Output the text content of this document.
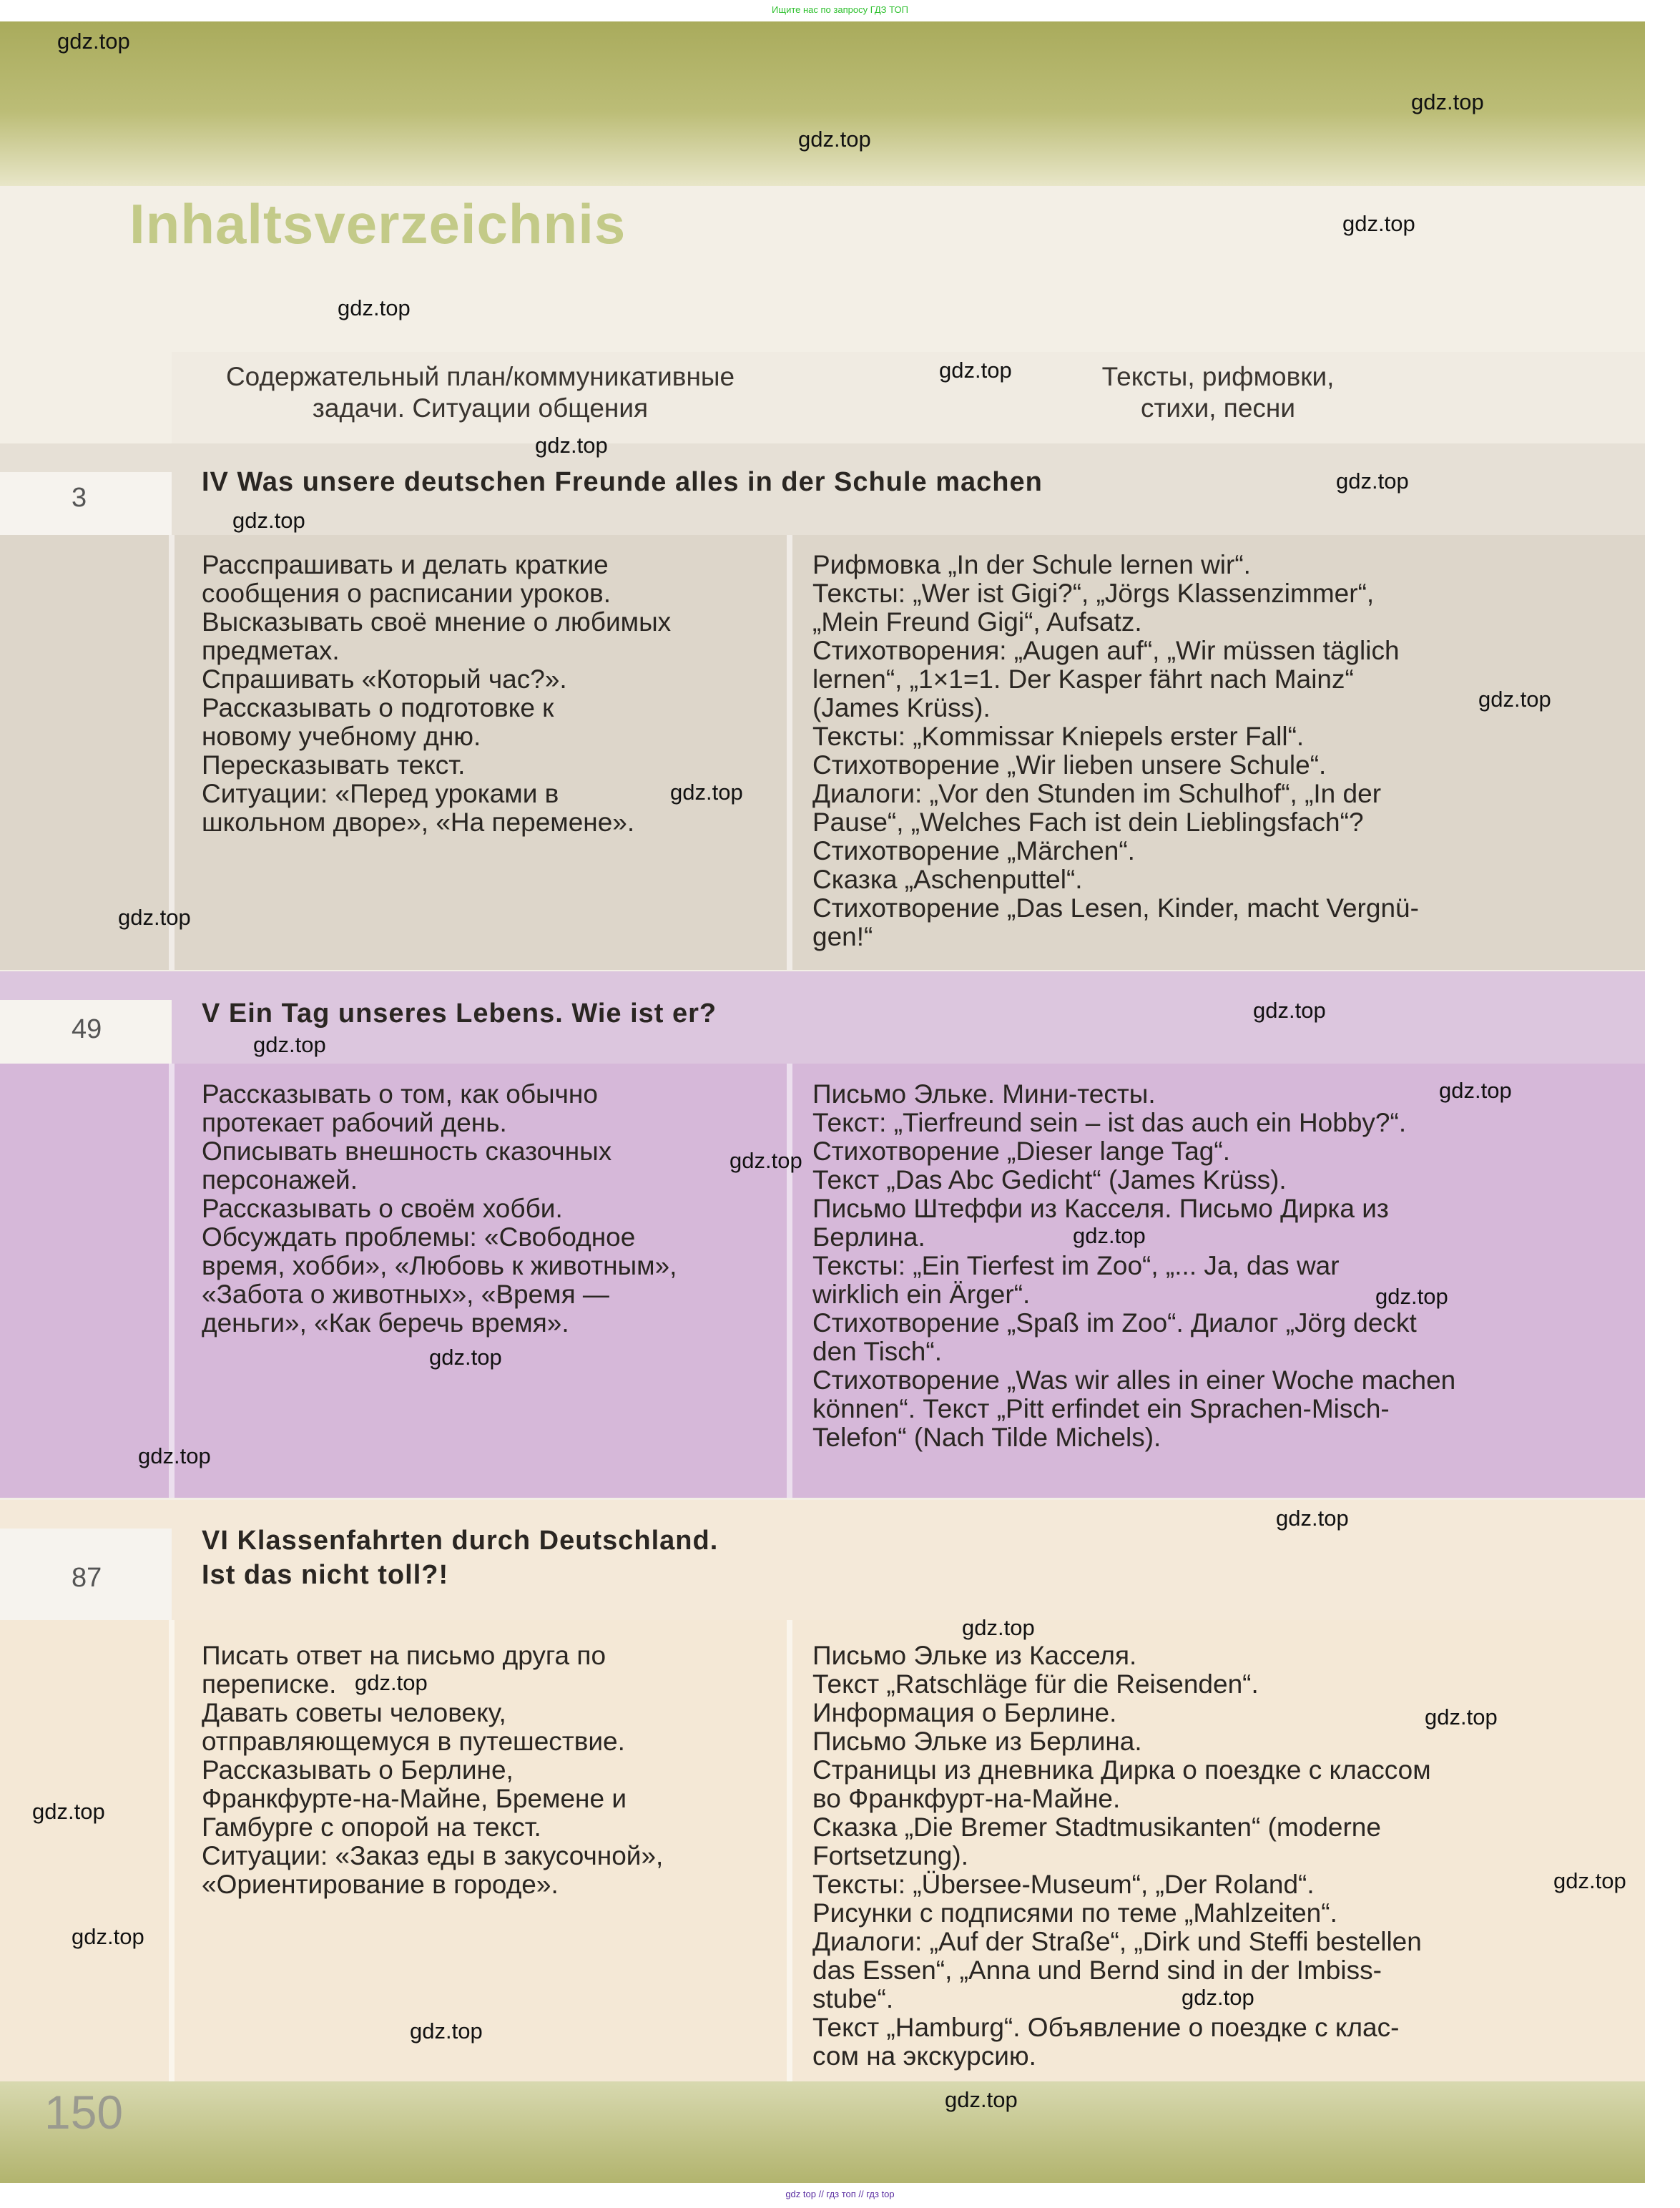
Ищите нас по запросу ГДЗ ТОП
Inhaltsverzeichnis
Содержательный план/коммуникативные
задачи. Ситуации общения
Тексты, рифмовки,
стихи, песни
3
IV Was unsere deutschen Freunde alles in der Schule machen
Расспрашивать и делать краткие
сообщения о расписании уроков.
Высказывать своё мнение о любимых
предметах.
Спрашивать «Который час?».
Рассказывать о подготовке к
новому учебному дню.
Пересказывать текст.
Ситуации: «Перед уроками в
школьном дворе», «На перемене».
Рифмовка „In der Schule lernen wir“.
Тексты: „Wer ist Gigi?“, „Jörgs Klassenzimmer“,
„Mein Freund Gigi“, Aufsatz.
Стихотворения: „Augen auf“, „Wir müssen täglich
lernen“, „1×1=1. Der Kasper fährt nach Mainz“
(James Krüss).
Тексты: „Kommissar Kniepels erster Fall“.
Стихотворение „Wir lieben unsere Schule“.
Диалоги: „Vor den Stunden im Schulhof“, „In der
Pause“, „Welches Fach ist dein Lieblingsfach“?
Стихотворение „Märchen“.
Сказка „Aschenputtel“.
Стихотворение „Das Lesen, Kinder, macht Vergnü-
gen!“
49
V Ein Tag unseres Lebens. Wie ist er?
Рассказывать о том, как обычно
протекает рабочий день.
Описывать внешность сказочных
персонажей.
Рассказывать о своём хобби.
Обсуждать проблемы: «Свободное
время, хобби», «Любовь к животным»,
«Забота о животных», «Время —
деньги», «Как беречь время».
Письмо Эльке. Мини-тесты.
Текст: „Tierfreund sein – ist das auch ein Hobby?“.
Стихотворение „Dieser lange Tag“.
Текст „Das Abc Gedicht“ (James Krüss).
Письмо Штеффи из Касселя. Письмо Дирка из
Берлина.
Тексты: „Ein Tierfest im Zoo“, „... Ja, das war
wirklich ein Ärger“.
Стихотворение „Spaß im Zoo“. Диалог „Jörg deckt
den Tisch“.
Стихотворение „Was wir alles in einer Woche machen
können“. Текст „Pitt erfindet ein Sprachen-Misch-
Telefon“ (Nach Tilde Michels).
87
VI Klassenfahrten durch Deutschland.
Ist das nicht toll?!
Писать ответ на письмо друга по
переписке.
Давать советы человеку,
отправляющемуся в путешествие.
Рассказывать о Берлине,
Франкфурте-на-Майне, Бремене и
Гамбурге с опорой на текст.
Ситуации: «Заказ еды в закусочной»,
«Ориентирование в городе».
Письмо Эльке из Касселя.
Текст „Ratschläge für die Reisenden“.
Информация о Берлине.
Письмо Эльке из Берлина.
Страницы из дневника Дирка о поездке с классом
во Франкфурт-на-Майне.
Сказка „Die Bremer Stadtmusikanten“ (moderne
Fortsetzung).
Тексты: „Übersee-Museum“, „Der Roland“.
Рисунки с подписями по теме „Mahlzeiten“.
Диалоги: „Auf der Straße“, „Dirk und Steffi bestellen
das Essen“, „Anna und Bernd sind in der Imbiss-
stube“.
Текст „Hamburg“. Объявление о поездке с клас-
сом на экскурсию.
150
gdz top // гдз топ // гдз top
gdz.top
gdz.top
gdz.top
gdz.top
gdz.top
gdz.top
gdz.top
gdz.top
gdz.top
gdz.top
gdz.top
gdz.top
gdz.top
gdz.top
gdz.top
gdz.top
gdz.top
gdz.top
gdz.top
gdz.top
gdz.top
gdz.top
gdz.top
gdz.top
gdz.top
gdz.top
gdz.top
gdz.top
gdz.top
gdz.top
